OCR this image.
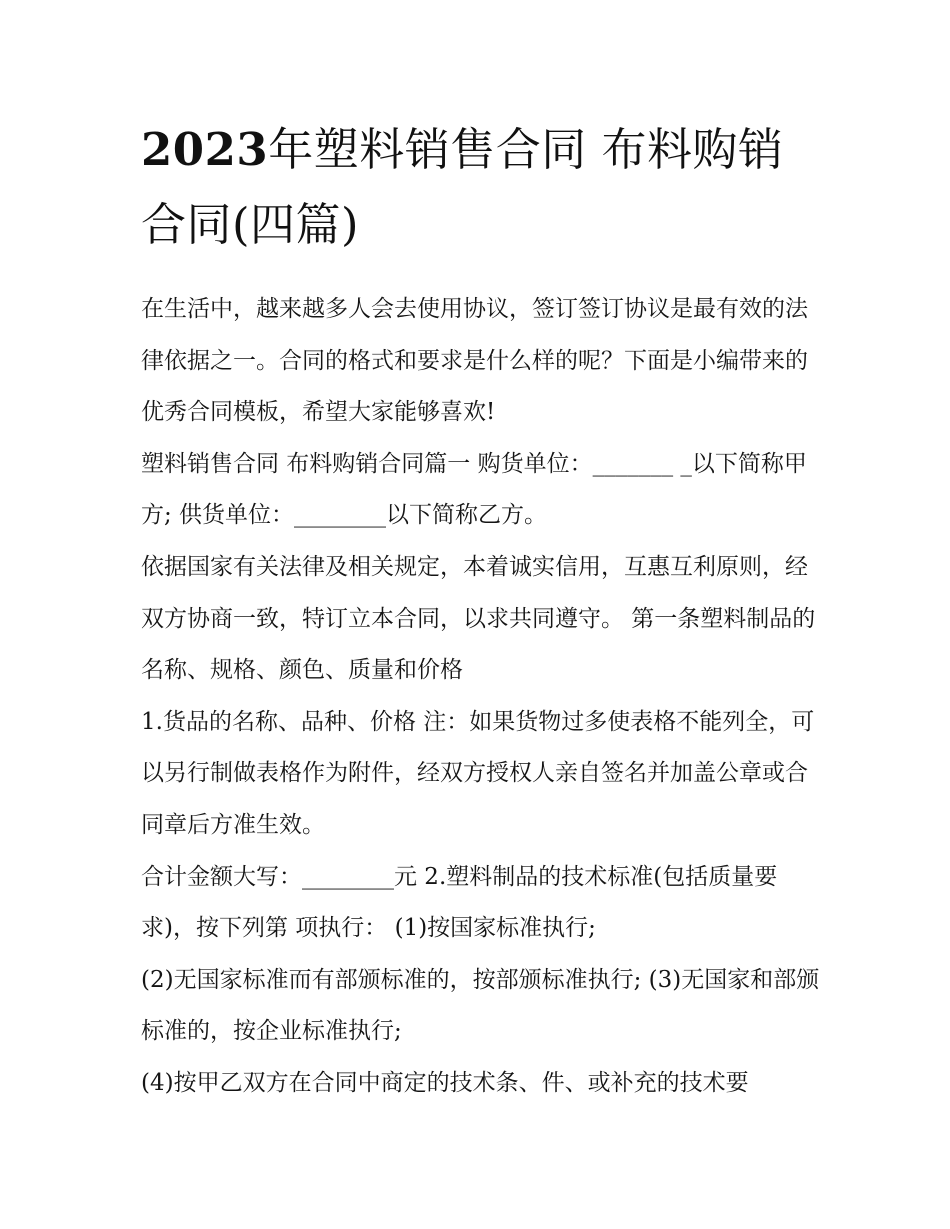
2023年塑料销售合同 布料购销合同(四篇)

在生活中，越来越多人会去使用协议，签订签订协议是最有效的法律依据之一。合同的格式和要求是什么样的呢？下面是小编带来的优秀合同模板，希望大家能够喜欢!

塑料销售合同 布料购销合同篇一 购货单位：_______ _以下简称甲方; 供货单位：________以下简称乙方。

依据国家有关法律及相关规定，本着诚实信用，互惠互利原则，经双方协商一致，特订立本合同，以求共同遵守。 第一条塑料制品的名称、规格、颜色、质量和价格

1.货品的名称、品种、价格 注：如果货物过多使表格不能列全，可以另行制做表格作为附件，经双方授权人亲自签名并加盖公章或合同章后方准生效。

合计金额大写：________元 2.塑料制品的技术标准(包括质量要求)，按下列第 项执行： (1)按国家标准执行;

(2)无国家标准而有部颁标准的，按部颁标准执行; (3)无国家和部颁标准的，按企业标准执行;

(4)按甲乙双方在合同中商定的技术条、件、或补充的技术要
